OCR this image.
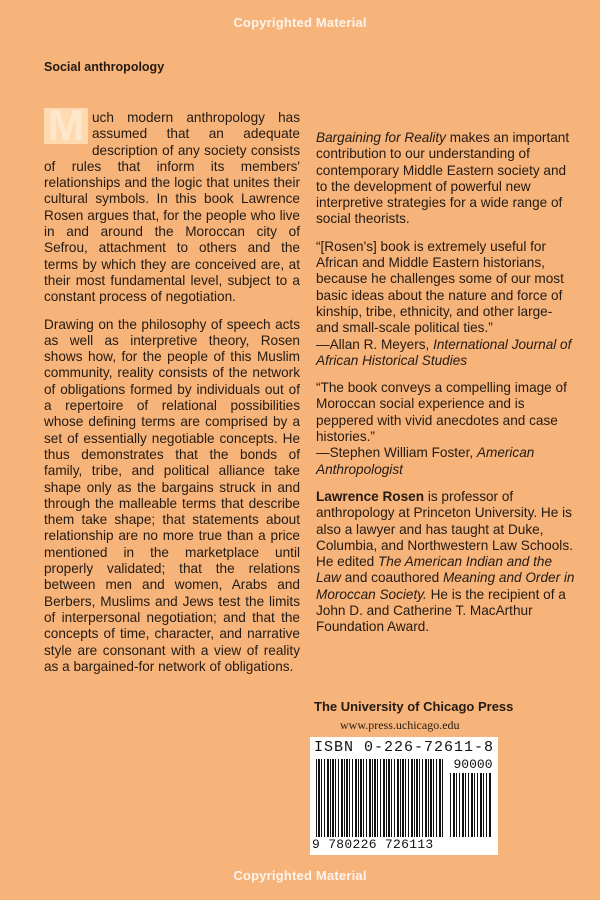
Copyrighted Material
Social anthropology

M uch modern anthropology has assumed that an adequate description of any society consists of rules that inform its members' relationships and the logic that unites their cultural symbols. In this book Lawrence Rosen argues that, for the people who live in and around the Moroccan city of Sefrou, attachment to others and the terms by which they are conceived are, at their most fundamental level, subject to a constant process of negotiation.

Drawing on the philosophy of speech acts as well as interpretive theory, Rosen shows how, for the people of this Muslim community, reality consists of the network of obligations formed by individuals out of a repertoire of relational possibilities whose defining terms are comprised by a set of essentially negotiable concepts. He thus demonstrates that the bonds of family, tribe, and political alliance take shape only as the bargains struck in and through the malleable terms that describe them take shape; that statements about relationship are no more true than a price mentioned in the marketplace until properly validated; that the relations between men and women, Arabs and Berbers, Muslims and Jews test the limits of interpersonal negotiation; and that the concepts of time, character, and narrative style are consonant with a view of reality as a bargained-for network of obligations.

Bargaining for Reality makes an important contribution to our understanding of contemporary Middle Eastern society and to the development of powerful new interpretive strategies for a wide range of social theorists.

“[Rosen's] book is extremely useful for African and Middle Eastern historians, because he challenges some of our most basic ideas about the nature and force of kinship, tribe, ethnicity, and other large- and small-scale political ties.”
—Allan R. Meyers, International Journal of African Historical Studies

“The book conveys a compelling image of Moroccan social experience and is peppered with vivid anecdotes and case histories.”
—Stephen William Foster, American Anthropologist

Lawrence Rosen is professor of anthropology at Princeton University. He is also a lawyer and has taught at Duke, Columbia, and Northwestern Law Schools. He edited The American Indian and the Law and coauthored Meaning and Order in Moroccan Society. He is the recipient of a John D. and Catherine T. MacArthur Foundation Award.

The University of Chicago Press
www.press.uchicago.edu
ISBN 0-226-72611-8
90000
9 780226 726113
Copyrighted Material
